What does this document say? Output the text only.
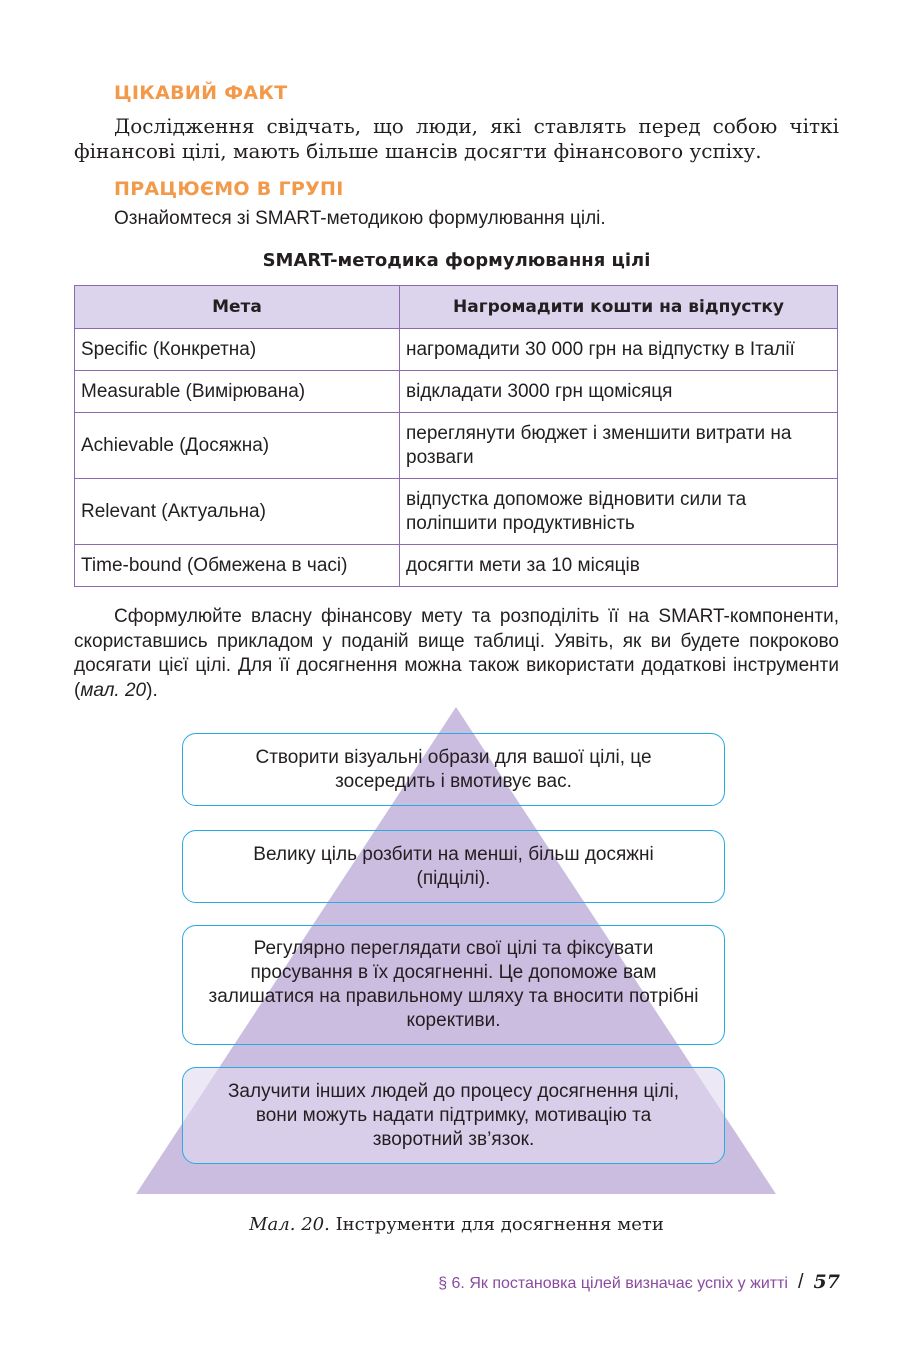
ЦІКАВИЙ ФАКТ
Дослідження свідчать, що люди, які ставлять перед собою чіткі фінансові цілі, мають більше шансів досягти фінансового успіху.
ПРАЦЮЄМО В ГРУПІ
Ознайомтеся зі SMART-методикою формулювання цілі.
SMART-методика формулювання цілі
Мета	Нагромадити кошти на відпустку
Specific (Конкретна)	нагромадити 30 000 грн на відпустку в Італії
Measurable (Вимірювана)	відкладати 3000 грн щомісяця
Achievable (Досяжна)	переглянути бюджет і зменшити витрати на розваги
Relevant (Актуальна)	відпустка допоможе відновити сили та поліпшити продуктивність
Time-bound (Обмежена в часі)	досягти мети за 10 місяців
Сформулюйте власну фінансову мету та розподіліть її на SMART-компоненти, скориставшись прикладом у поданій вище таблиці. Уявіть, як ви будете покроково досягати цієї цілі. Для її досягнення можна також використати додаткові інструменти (мал. 20).
Створити візуальні образи для вашої цілі, це зосередить і вмотивує вас.
Велику ціль розбити на менші, більш досяжні (підцілі).
Регулярно переглядати свої цілі та фіксувати просування в їх досягненні. Це допоможе вам залишатися на правильному шляху та вносити потрібні корективи.
Залучити інших людей до процесу досягнення цілі, вони можуть надати підтримку, мотивацію та зворотний зв’язок.
Мал. 20. Інструменти для досягнення мети
§ 6. Як постановка цілей визначає успіх у житті / 57
